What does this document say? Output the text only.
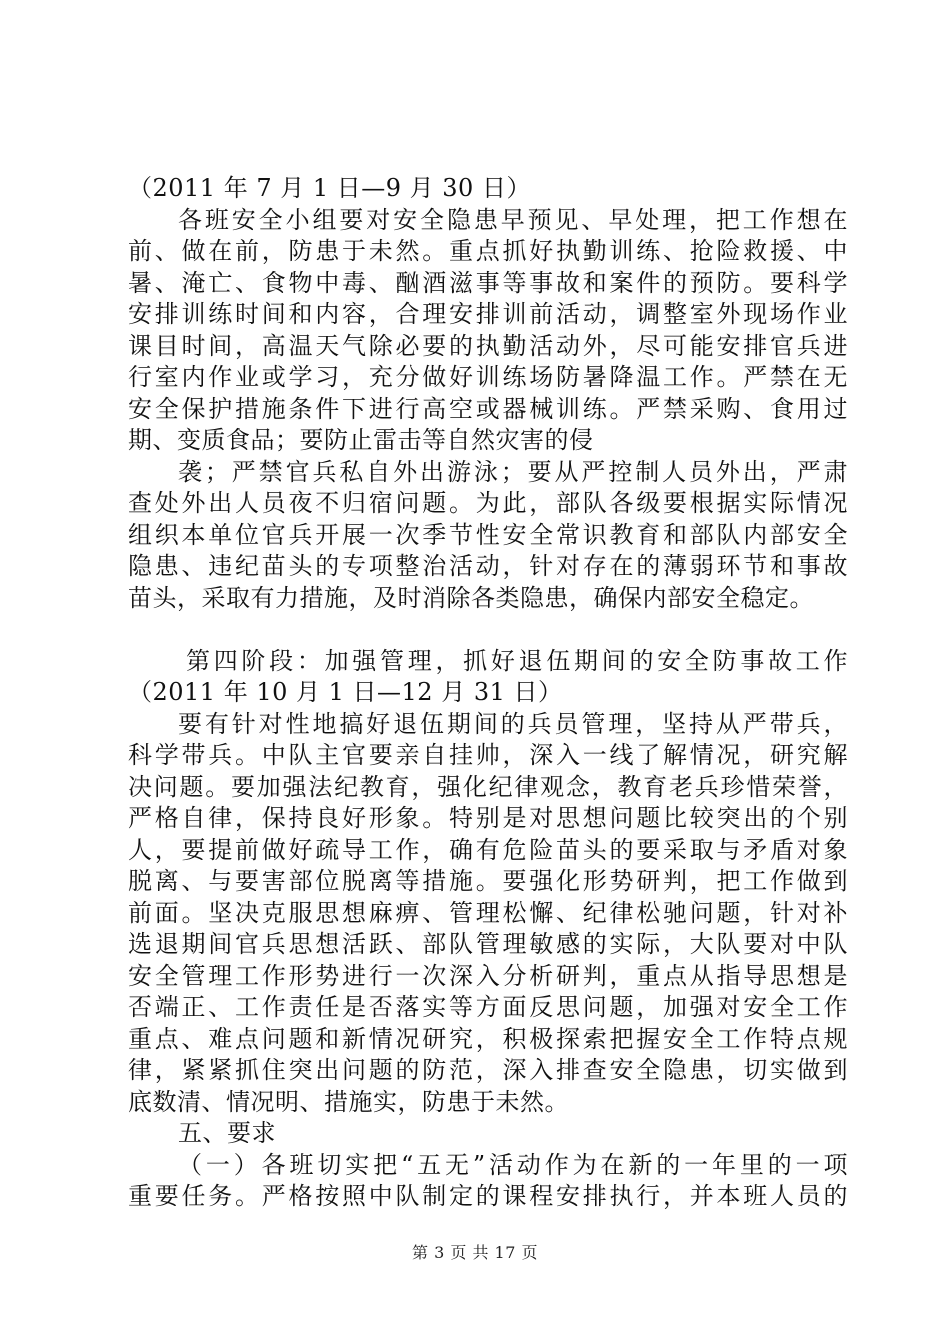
（2011 年 7 月 1 日—9 月 30 日）
各班安全小组要对安全隐患早预见、早处理，把工作想在
前、做在前，防患于未然。重点抓好执勤训练、抢险救援、中
暑、淹亡、食物中毒、酗酒滋事等事故和案件的预防。要科学
安排训练时间和内容，合理安排训前活动，调整室外现场作业
课目时间，高温天气除必要的执勤活动外，尽可能安排官兵进
行室内作业或学习，充分做好训练场防暑降温工作。严禁在无
安全保护措施条件下进行高空或器械训练。严禁采购、食用过
期、变质食品；要防止雷击等自然灾害的侵
袭；严禁官兵私自外出游泳；要从严控制人员外出，严肃
查处外出人员夜不归宿问题。为此，部队各级要根据实际情况
组织本单位官兵开展一次季节性安全常识教育和部队内部安全
隐患、违纪苗头的专项整治活动，针对存在的薄弱环节和事故
苗头，采取有力措施，及时消除各类隐患，确保内部安全稳定。
第四阶段：加强管理，抓好退伍期间的安全防事故工作
（2011 年 10 月 1 日—12 月 31 日）
要有针对性地搞好退伍期间的兵员管理，坚持从严带兵，
科学带兵。中队主官要亲自挂帅，深入一线了解情况，研究解
决问题。要加强法纪教育，强化纪律观念，教育老兵珍惜荣誉，
严格自律，保持良好形象。特别是对思想问题比较突出的个别
人，要提前做好疏导工作，确有危险苗头的要采取与矛盾对象
脱离、与要害部位脱离等措施。要强化形势研判，把工作做到
前面。坚决克服思想麻痹、管理松懈、纪律松驰问题，针对补
选退期间官兵思想活跃、部队管理敏感的实际，大队要对中队
安全管理工作形势进行一次深入分析研判，重点从指导思想是
否端正、工作责任是否落实等方面反思问题，加强对安全工作
重点、难点问题和新情况研究，积极探索把握安全工作特点规
律，紧紧抓住突出问题的防范，深入排查安全隐患，切实做到
底数清、情况明、措施实，防患于未然。
五、要求
（一）各班切实把“五无”活动作为在新的一年里的一项
重要任务。严格按照中队制定的课程安排执行，并本班人员的
第 3 页 共 17 页
